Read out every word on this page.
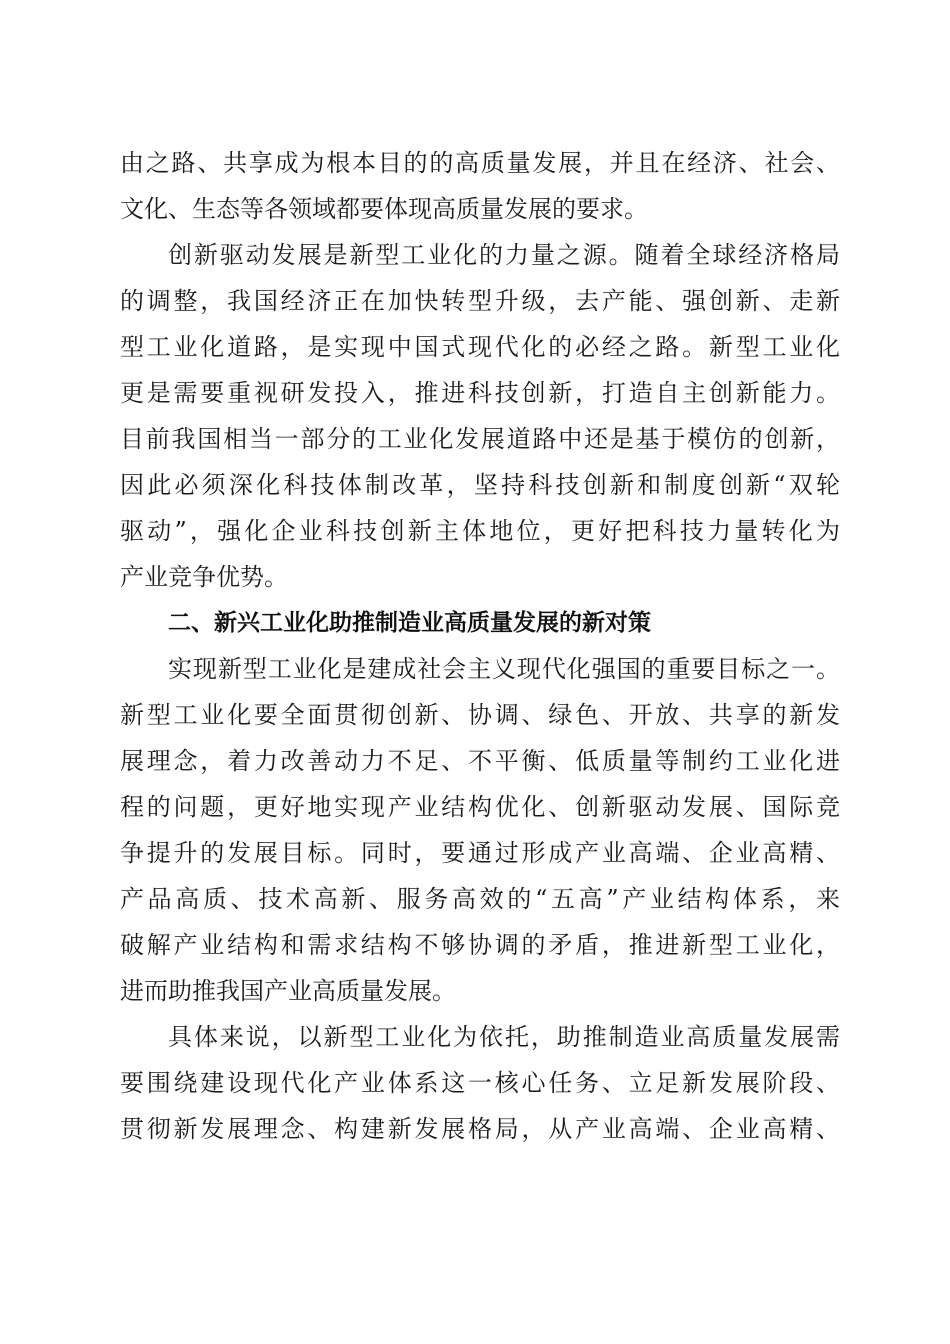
由之路、共享成为根本目的的高质量发展，并且在经济、社会、
文化、生态等各领域都要体现高质量发展的要求。
创新驱动发展是新型工业化的力量之源。随着全球经济格局
的调整，我国经济正在加快转型升级，去产能、强创新、走新
型工业化道路，是实现中国式现代化的必经之路。新型工业化
更是需要重视研发投入，推进科技创新，打造自主创新能力。
目前我国相当一部分的工业化发展道路中还是基于模仿的创新，
因此必须深化科技体制改革，坚持科技创新和制度创新“双轮
驱动”，强化企业科技创新主体地位，更好把科技力量转化为
产业竞争优势。
二、新兴工业化助推制造业高质量发展的新对策
实现新型工业化是建成社会主义现代化强国的重要目标之一。
新型工业化要全面贯彻创新、协调、绿色、开放、共享的新发
展理念，着力改善动力不足、不平衡、低质量等制约工业化进
程的问题，更好地实现产业结构优化、创新驱动发展、国际竞
争提升的发展目标。同时，要通过形成产业高端、企业高精、
产品高质、技术高新、服务高效的“五高”产业结构体系，来
破解产业结构和需求结构不够协调的矛盾，推进新型工业化，
进而助推我国产业高质量发展。
具体来说，以新型工业化为依托，助推制造业高质量发展需
要围绕建设现代化产业体系这一核心任务、立足新发展阶段、
贯彻新发展理念、构建新发展格局，从产业高端、企业高精、
